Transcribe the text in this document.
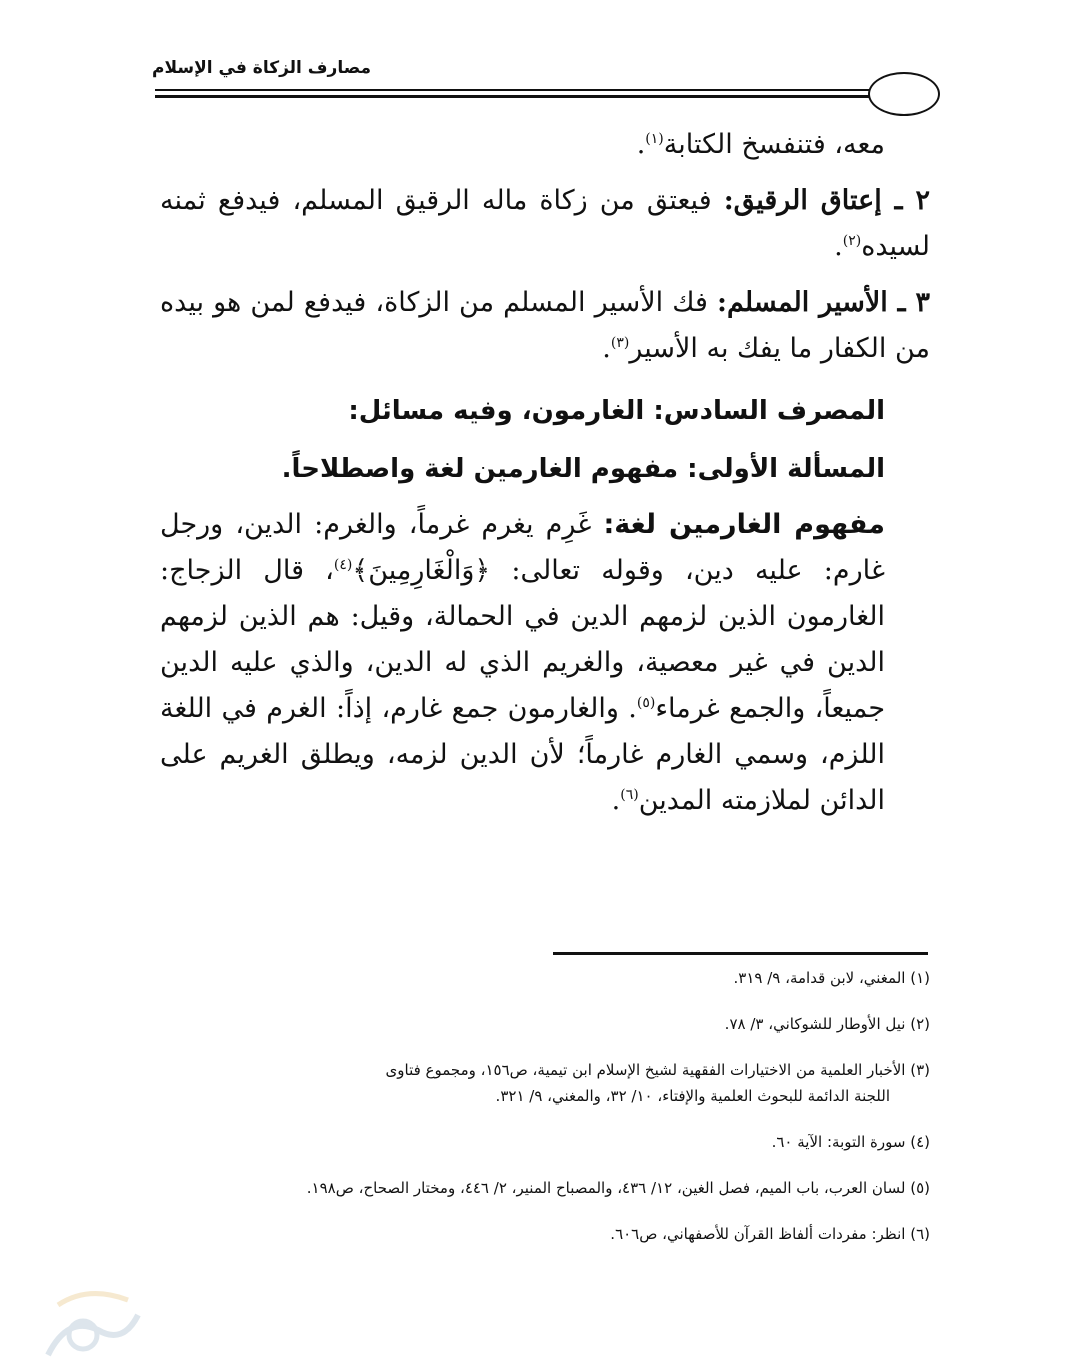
مصارف الزكاة في الإسلام

معه، فتنفسخ الكتابة$^{(١)}$.

٢ ـ إعتاق الرقيق: فيعتق من زكاة ماله الرقيق المسلم، فيدفع ثمنه لسيده$^{(٢)}$.

٣ ـ الأسير المسلم: فك الأسير المسلم من الزكاة، فيدفع لمن هو بيده من الكفار ما يفك به الأسير$^{(٣)}$.

المصرف السادس: الغارمون، وفيه مسائل:

المسألة الأولى: مفهوم الغارمين لغة واصطلاحاً.

مفهوم الغارمين لغة: غَرِم يغرم غرماً، والغرم: الدين، ورجل غارم: عليه دين، وقوله تعالى: ﴿وَالْغَارِمِينَ﴾$^{(٤)}$، قال الزجاج: الغارمون الذين لزمهم الدين في الحمالة، وقيل: هم الذين لزمهم الدين في غير معصية، والغريم الذي له الدين، والذي عليه الدين جميعاً، والجمع غرماء$^{(٥)}$. والغارمون جمع غارم، إذاً: الغرم في اللغة اللزم، وسمي الغارم غارماً؛ لأن الدين لزمه، ويطلق الغريم على الدائن لملازمته المدين$^{(٦)}$.

(١) المغني، لابن قدامة، ٩/ ٣١٩.

(٢) نيل الأوطار للشوكاني، ٣/ ٧٨.

(٣) الأخبار العلمية من الاختيارات الفقهية لشيخ الإسلام ابن تيمية، ص١٥٦، ومجموع فتاوى
اللجنة الدائمة للبحوث العلمية والإفتاء، ١٠/ ٣٢، والمغني، ٩/ ٣٢١.

(٤) سورة التوبة: الآية ٦٠.

(٥) لسان العرب، باب الميم، فصل الغين، ١٢/ ٤٣٦، والمصباح المنير، ٢/ ٤٤٦، ومختار الصحاح، ص١٩٨.

(٦) انظر: مفردات ألفاظ القرآن للأصفهاني، ص٦٠٦.
